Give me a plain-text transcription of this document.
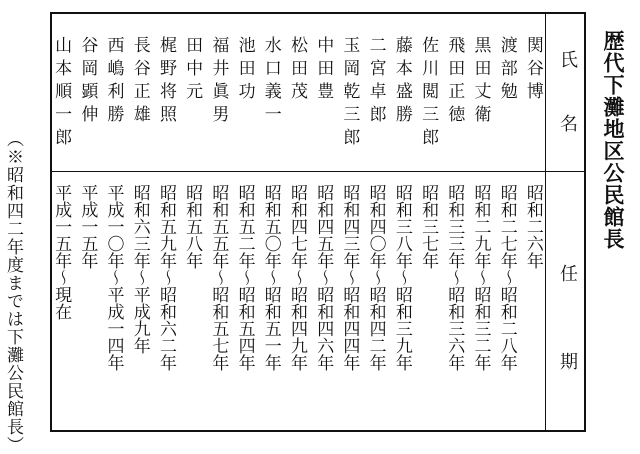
歴代下灘地区公民館長
氏名
任期
関谷博
昭和二六年
渡部勉
昭和二七年〜昭和二八年
黒田丈衛
昭和二九年〜昭和三二年
飛田正徳
昭和三三年〜昭和三六年
佐川閲三郎
昭和三七年
藤本盛勝
昭和三八年〜昭和三九年
二宮卓郎
昭和四〇年〜昭和四二年
玉岡乾三郎
昭和四三年〜昭和四四年
中田豊
昭和四五年〜昭和四六年
松田茂
昭和四七年〜昭和四九年
水口義一
昭和五〇年〜昭和五一年
池田功
昭和五二年〜昭和五四年
福井眞男
昭和五五年〜昭和五七年
田中元
昭和五八年
梶野将照
昭和五九年〜昭和六二年
長谷正雄
昭和六三年〜平成九年
西嶋利勝
平成一〇年〜平成一四年
谷岡顕伸
平成一五年
山本順一郎
平成一五年〜現在
（※昭和四二年度までは下灘公民館長）
